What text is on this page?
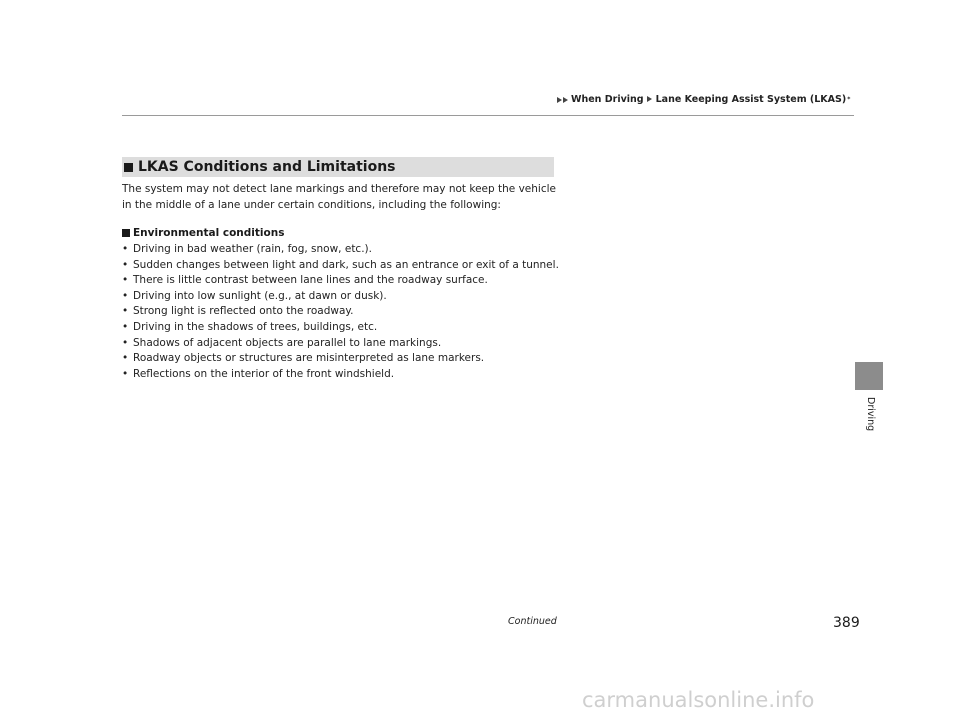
When Driving Lane Keeping Assist System (LKAS) *
LKAS Conditions and Limitations
The system may not detect lane markings and therefore may not keep the vehicle in the middle of a lane under certain conditions, including the following:
Environmental conditions
• Driving in bad weather (rain, fog, snow, etc.).
• Sudden changes between light and dark, such as an entrance or exit of a tunnel.
• There is little contrast between lane lines and the roadway surface.
• Driving into low sunlight (e.g., at dawn or dusk).
• Strong light is reflected onto the roadway.
• Driving in the shadows of trees, buildings, etc.
• Shadows of adjacent objects are parallel to lane markings.
• Roadway objects or structures are misinterpreted as lane markers.
• Reflections on the interior of the front windshield.
Driving
Continued	389
carmanualsonline.info
